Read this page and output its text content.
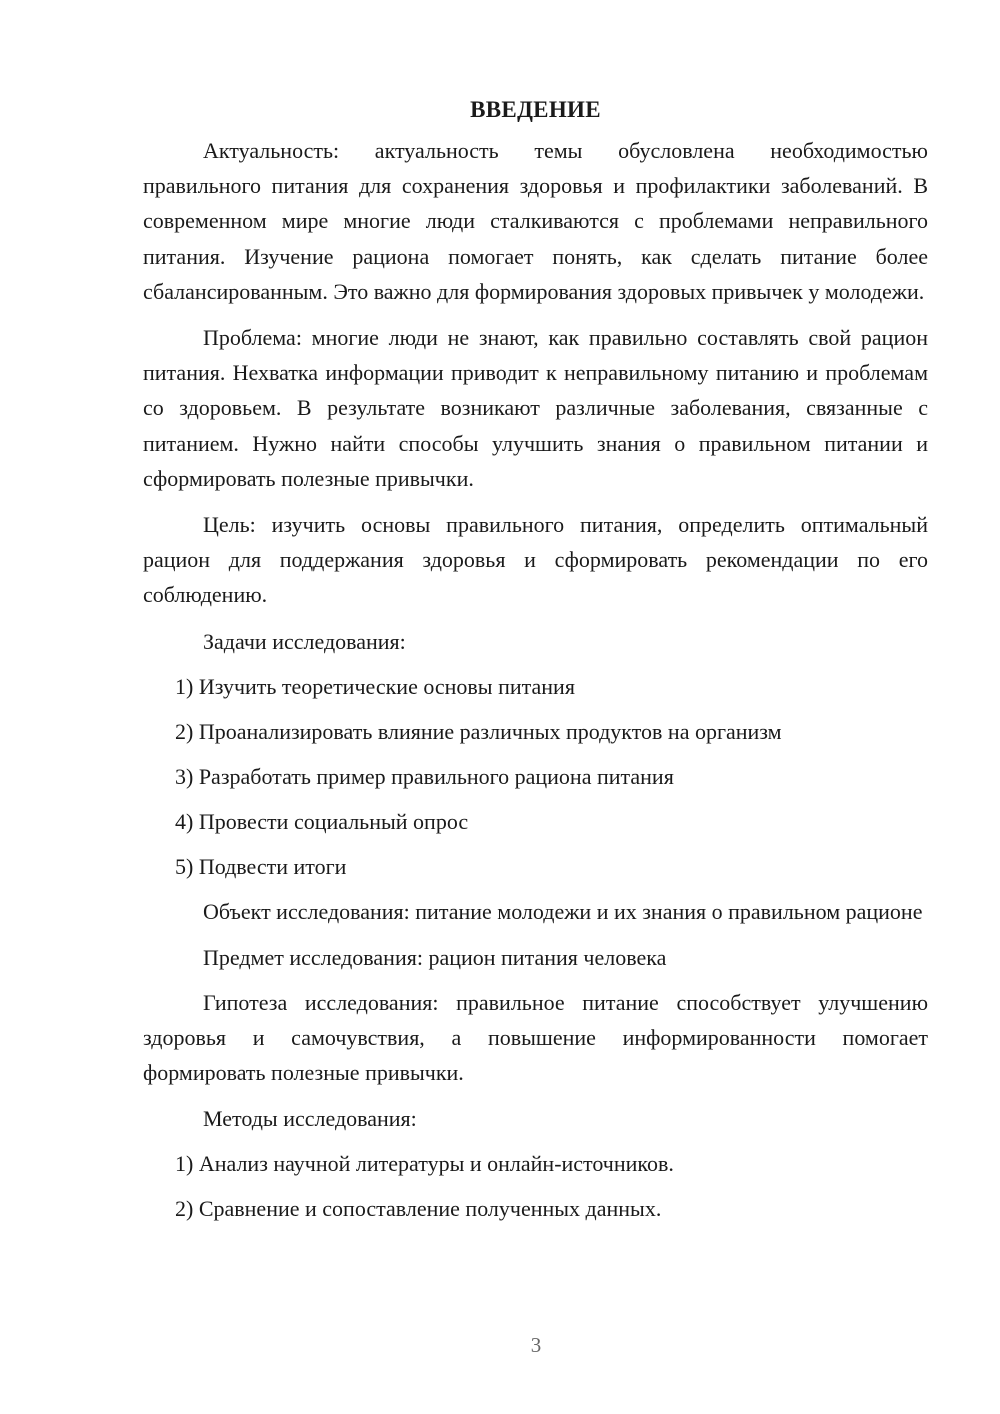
ВВЕДЕНИЕ

Актуальность: актуальность темы обусловлена необходимостью правильного питания для сохранения здоровья и профилактики заболеваний. В современном мире многие люди сталкиваются с проблемами неправильного питания. Изучение рациона помогает понять, как сделать питание более сбалансированным. Это важно для формирования здоровых привычек у молодежи.

Проблема: многие люди не знают, как правильно составлять свой рацион питания. Нехватка информации приводит к неправильному питанию и проблемам со здоровьем. В результате возникают различные заболевания, связанные с питанием. Нужно найти способы улучшить знания о правильном питании и сформировать полезные привычки.

Цель: изучить основы правильного питания, определить оптимальный рацион для поддержания здоровья и сформировать рекомендации по его соблюдению.

Задачи исследования:
1) Изучить теоретические основы питания
2) Проанализировать влияние различных продуктов на организм
3) Разработать пример правильного рациона питания
4) Провести социальный опрос
5) Подвести итоги

Объект исследования: питание молодежи и их знания о правильном рационе

Предмет исследования: рацион питания человека

Гипотеза исследования: правильное питание способствует улучшению здоровья и самочувствия, а повышение информированности помогает формировать полезные привычки.

Методы исследования:
1) Анализ научной литературы и онлайн-источников.
2) Сравнение и сопоставление полученных данных.
3
